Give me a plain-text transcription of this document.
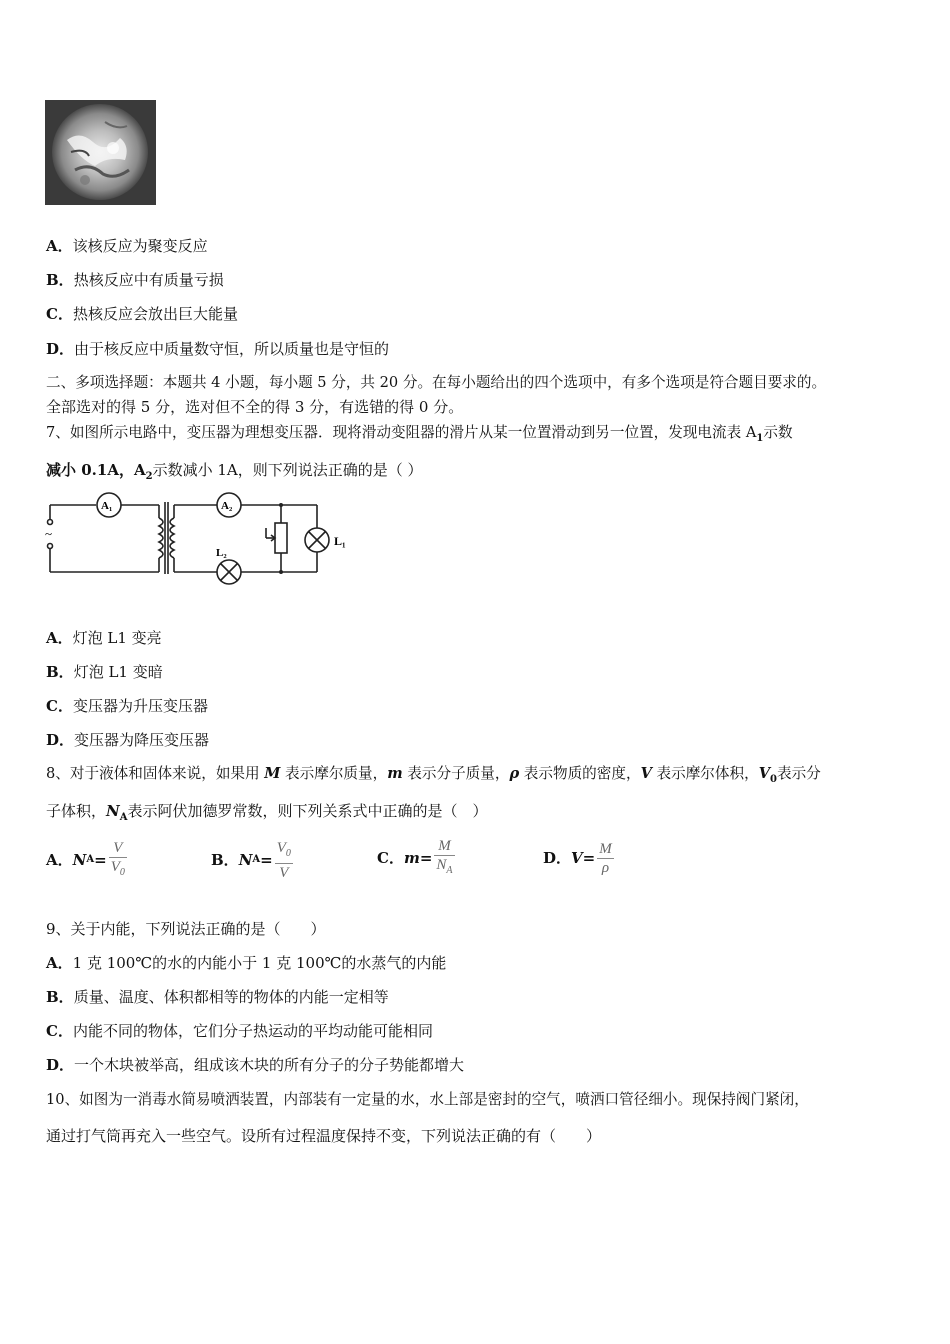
A．该核反应为聚变反应
B．热核反应中有质量亏损
C．热核反应会放出巨大能量
D．由于核反应中质量数守恒，所以质量也是守恒的
二、多项选择题：本题共 4 小题，每小题 5 分，共 20 分。在每小题给出的四个选项中，有多个选项是符合题目要求的。
全部选对的得 5 分，选对但不全的得 3 分，有选错的得 0 分。
7、如图所示电路中，变压器为理想变压器．现将滑动变阻器的滑片从某一位置滑动到另一位置，发现电流表 $A_1$示数
减小 0.1A，$A_2$示数减小 1A，则下列说法正确的是（ ）
A₁	A₂
L₁
L₂
~
A．灯泡 L1 变亮
B．灯泡 L1 变暗
C．变压器为升压变压器
D．变压器为降压变压器
8、对于液体和固体来说，如果用 M 表示摩尔质量，m 表示分子质量，ρ 表示物质的密度，V 表示摩尔体积，$V_0$表示分
子体积，$N_A$表示阿伏加德罗常数，则下列关系式中正确的是（　）
A． N $A = \frac{V}{V_0}$	B． N $A = \frac{V_0}{V}$	C． $m = \frac{M}{N_A}$	D． $V = \frac{M}{\rho}$
9、关于内能，下列说法正确的是（　　）
A．1 克 100℃的水的内能小于 1 克 100℃的水蒸气的内能
B．质量、温度、体积都相等的物体的内能一定相等
C．内能不同的物体，它们分子热运动的平均动能可能相同
D．一个木块被举高，组成该木块的所有分子的分子势能都增大
10、如图为一消毒水简易喷洒装置，内部装有一定量的水，水上部是密封的空气，喷洒口管径细小。现保持阀门紧闭，
通过打气筒再充入一些空气。设所有过程温度保持不变，下列说法正确的有（　　）
